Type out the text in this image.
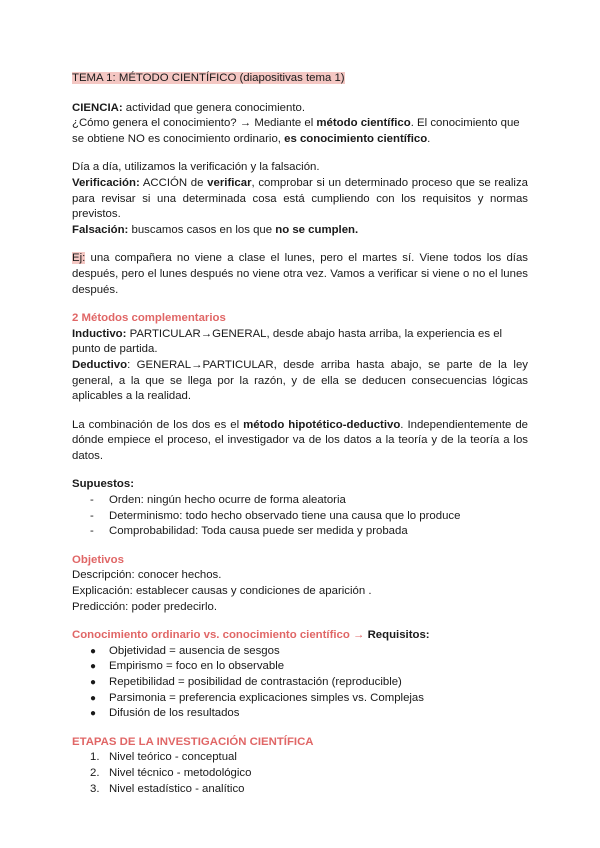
TEMA 1: MÉTODO CIENTÍFICO (diapositivas tema 1)

CIENCIA: actividad que genera conocimiento.

¿Cómo genera el conocimiento? → Mediante el método científico. El conocimiento que se obtiene NO es conocimiento ordinario, es conocimiento científico.

Día a día, utilizamos la verificación y la falsación.

Verificación: ACCIÓN de verificar, comprobar si un determinado proceso que se realiza para revisar si una determinada cosa está cumpliendo con los requisitos y normas previstos.

Falsación: buscamos casos en los que no se cumplen.

Ej: una compañera no viene a clase el lunes, pero el martes sí. Viene todos los días después, pero el lunes después no viene otra vez. Vamos a verificar si viene o no el lunes después.

2 Métodos complementarios

Inductivo: PARTICULAR→GENERAL, desde abajo hasta arriba, la experiencia es el punto de partida.

Deductivo: GENERAL→PARTICULAR, desde arriba hasta abajo, se parte de la ley general, a la que se llega por la razón, y de ella se deducen consecuencias lógicas aplicables a la realidad.

La combinación de los dos es el método hipotético-deductivo. Independientemente de dónde empiece el proceso, el investigador va de los datos a la teoría y de la teoría a los datos.

Supuestos:

- Orden: ningún hecho ocurre de forma aleatoria
- Determinismo: todo hecho observado tiene una causa que lo produce
- Comprobabilidad: Toda causa puede ser medida y probada

Objetivos

Descripción: conocer hechos.

Explicación: establecer causas y condiciones de aparición .

Predicción: poder predecirlo.

Conocimiento ordinario vs. conocimiento científico → Requisitos:

● Objetividad = ausencia de sesgos
● Empirismo = foco en lo observable
● Repetibilidad = posibilidad de contrastación (reproducible)
● Parsimonia = preferencia explicaciones simples vs. Complejas
● Difusión de los resultados

ETAPAS DE LA INVESTIGACIÓN CIENTÍFICA

1. Nivel teórico - conceptual
2. Nivel técnico - metodológico
3. Nivel estadístico - analítico
